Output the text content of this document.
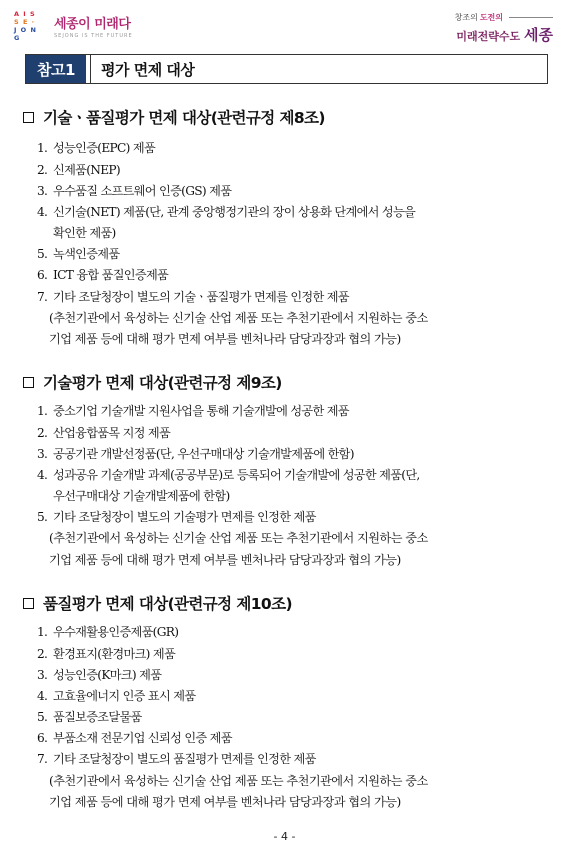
A I S
S E ·
J O N G
세종이 미래다
SEJONG IS THE FUTURE
창조의 도전의
미래전략수도 세종
참고1	평가 면제 대상
기술ㆍ품질평가 면제 대상(관련규정 제8조)
1. 성능인증(EPC) 제품
2. 신제품(NEP)
3. 우수품질 소프트웨어 인증(GS) 제품
4. 신기술(NET) 제품(단, 관계 중앙행정기관의 장이 상용화 단계에서 성능을
확인한 제품)
5. 녹색인증제품
6. ICT 융합 품질인증제품
7. 기타 조달청장이 별도의 기술ㆍ품질평가 면제를 인정한 제품
(추천기관에서 육성하는 신기술 산업 제품 또는 추천기관에서 지원하는 중소
기업 제품 등에 대해 평가 면제 여부를 벤처나라 담당과장과 협의 가능)
기술평가 면제 대상(관련규정 제9조)
1. 중소기업 기술개발 지원사업을 통해 기술개발에 성공한 제품
2. 산업융합품목 지정 제품
3. 공공기관 개발선정품(단, 우선구매대상 기술개발제품에 한함)
4. 성과공유 기술개발 과제(공공부문)로 등록되어 기술개발에 성공한 제품(단,
우선구매대상 기술개발제품에 한함)
5. 기타 조달청장이 별도의 기술평가 면제를 인정한 제품
(추천기관에서 육성하는 신기술 산업 제품 또는 추천기관에서 지원하는 중소
기업 제품 등에 대해 평가 면제 여부를 벤처나라 담당과장과 협의 가능)
품질평가 면제 대상(관련규정 제10조)
1. 우수재활용인증제품(GR)
2. 환경표지(환경마크) 제품
3. 성능인증(K마크) 제품
4. 고효율에너지 인증 표시 제품
5. 품질보증조달물품
6. 부품소재 전문기업 신뢰성 인증 제품
7. 기타 조달청장이 별도의 품질평가 면제를 인정한 제품
(추천기관에서 육성하는 신기술 산업 제품 또는 추천기관에서 지원하는 중소
기업 제품 등에 대해 평가 면제 여부를 벤처나라 담당과장과 협의 가능)
- 4 -
